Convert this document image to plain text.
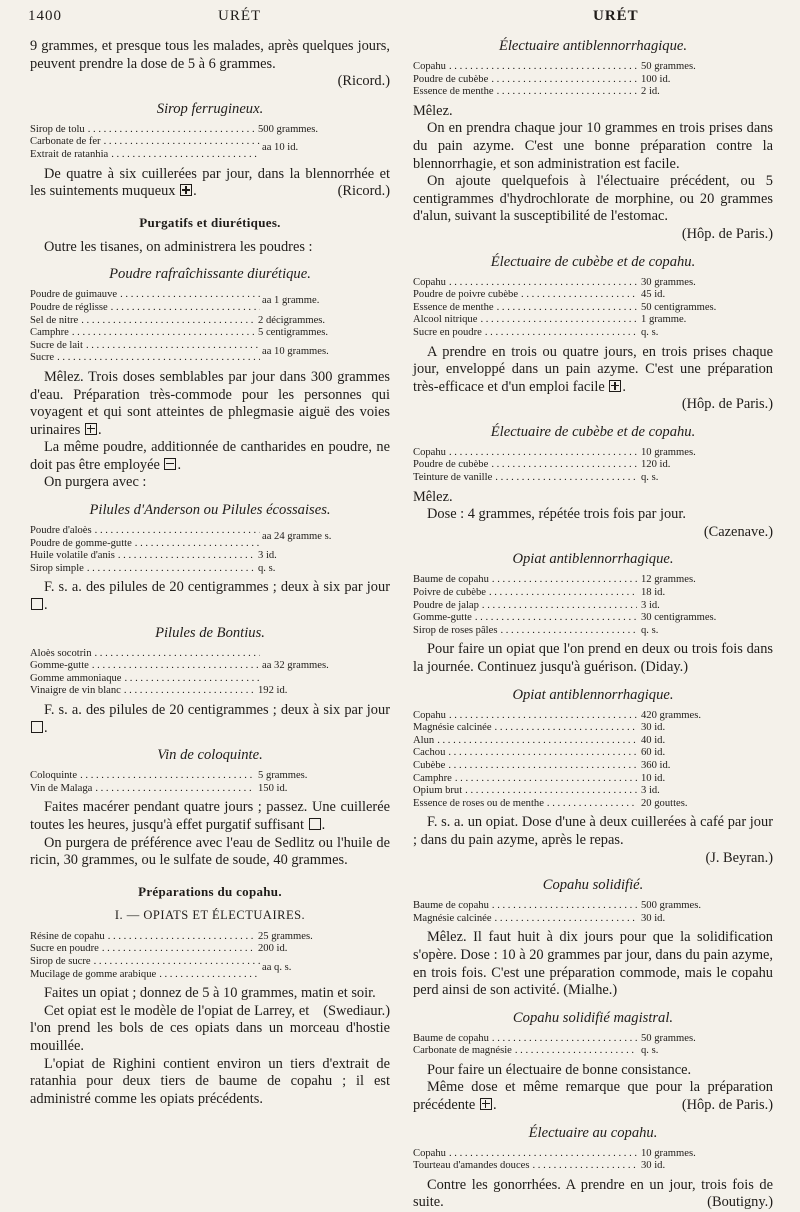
1400	URÉT	URÉT

9 grammes, et presque tous les malades, après quelques jours, peuvent prendre la dose de 5 à 6 grammes.

(Ricord.)
Sirop ferrugineux.
Sirop de tolu . . .	500 grammes.
Carbonate de fer . . .
Extrait de ratanhia . . .
aa 10 id.

De quatre à six cuillerées par jour, dans la blennorrhée et les suintements muqueux .	(Ricord.)

Purgatifs et diurétiques.

Outre les tisanes, on administrera les poudres :

Poudre rafraîchissante diurétique.
Poudre de guimauve . . .
Poudre de réglisse . . .
aa 1 gramme.
Sel de nitre . . .	2 décigrammes.
Camphre . . .	5 centigrammes.
Sucre de lait . . .
Sucre . . .
aa 10 grammes.

Mêlez. Trois doses semblables par jour dans 300 grammes d'eau. Préparation très-commode pour les personnes qui voyagent et qui sont atteintes de phlegmasie aiguë des voies urinaires .

La même poudre, additionnée de cantharides en poudre, ne doit pas être employée .

On purgera avec :

Pilules d'Anderson ou Pilules écossaises.
Poudre d'aloès . . .
Poudre de gomme-gutte . . .
aa 24 gramme s.
Huile volatile d'anis . . .	3 id.
Sirop simple . . .	q. s.

F. s. a. des pilules de 20 centigrammes ; deux à six par jour .

Pilules de Bontius.
Aloès socotrin . . .
Gomme-gutte . . .
Gomme ammoniaque . . .
aa 32 grammes.
Vinaigre de vin blanc . . .	192 id.

F. s. a. des pilules de 20 centigrammes ; deux à six par jour .

Vin de coloquinte.
Coloquinte . . .	5 grammes.
Vin de Malaga . . .	150 id.

Faites macérer pendant quatre jours ; passez. Une cuillerée toutes les heures, jusqu'à effet purgatif suffisant .

On purgera de préférence avec l'eau de Sedlitz ou l'huile de ricin, 30 grammes, ou le sulfate de soude, 40 grammes.

Préparations du copahu.
I. — OPIATS ET ÉLECTUAIRES.
Résine de copahu . . .	25 grammes.
Sucre en poudre . . .	200 id.
Sirop de sucre . . .
Mucilage de gomme arabique . . .
aa q. s.

Faites un opiat ; donnez de 5 à 10 grammes, matin et soir.
(Swediaur.)

Cet opiat est le modèle de l'opiat de Larrey, et l'on prend les bols de ces opiats dans un morceau d'hostie mouillée.

L'opiat de Righini contient environ un tiers d'extrait de ratanhia pour deux tiers de baume de copahu ; il est administré comme les opiats précédents.

Électuaire antiblennorrhagique.
Copahu . . .	50 grammes.
Poudre de cubèbe . . .	100 id.
Essence de menthe . . .	2 id.
Mêlez.

On en prendra chaque jour 10 grammes en trois prises dans du pain azyme. C'est une bonne préparation contre la blennorrhagie, et son administration est facile.

On ajoute quelquefois à l'électuaire précédent, ou 5 centigrammes d'hydrochlorate de morphine, ou 20 grammes d'alun, suivant la susceptibilité de l'estomac.

(Hôp. de Paris.)
Électuaire de cubèbe et de copahu.
Copahu . . .	30 grammes.
Poudre de poivre cubèbe . . .	45 id.
Essence de menthe . . .	50 centigrammes.
Alcool nitrique . . .	1 gramme.
Sucre en poudre . . .	q. s.

A prendre en trois ou quatre jours, en trois prises chaque jour, enveloppé dans un pain azyme. C'est une préparation très-efficace et d'un emploi facile .

(Hôp. de Paris.)
Électuaire de cubèbe et de copahu.
Copahu . . .	10 grammes.
Poudre de cubèbe . . .	120 id.
Teinture de vanille . . .	q. s.
Mêlez.

Dose : 4 grammes, répétée trois fois par jour.

(Cazenave.)
Opiat antiblennorrhagique.
Baume de copahu . . .	12 grammes.
Poivre de cubèbe . . .	18 id.
Poudre de jalap . . .	3 id.
Gomme-gutte . . .	30 centigrammes.
Sirop de roses pâles . . .	q. s.

Pour faire un opiat que l'on prend en deux ou trois fois dans la journée. Continuez jusqu'à guérison. (Diday.)

Opiat antiblennorrhagique.
Copahu . . .	420 grammes.
Magnésie calcinée . . .	30 id.
Alun . . .	40 id.
Cachou . . .	60 id.
Cubèbe . . .	360 id.
Camphre . . .	10 id.
Opium brut . . .	3 id.
Essence de roses ou de menthe . . .	20 gouttes.

F. s. a. un opiat. Dose d'une à deux cuillerées à café par jour ; dans du pain azyme, après le repas.

(J. Beyran.)
Copahu solidifié.
Baume de copahu . . .	500 grammes.
Magnésie calcinée . . .	30 id.

Mêlez. Il faut huit à dix jours pour que la solidification s'opère. Dose : 10 à 20 grammes par jour, dans du pain azyme, en trois fois. C'est une préparation commode, mais le copahu perd ainsi de son activité. (Mialhe.)

Copahu solidifié magistral.
Baume de copahu . . .	50 grammes.
Carbonate de magnésie . . .	q. s.

Pour faire un électuaire de bonne consistance.

Même dose et même remarque que pour la préparation précédente .	(Hôp. de Paris.)

Électuaire au copahu.
Copahu . . .	10 grammes.
Tourteau d'amandes douces . . .	30 id.

Contre les gonorrhées. A prendre en un jour, trois fois de suite.	(Boutigny.)
